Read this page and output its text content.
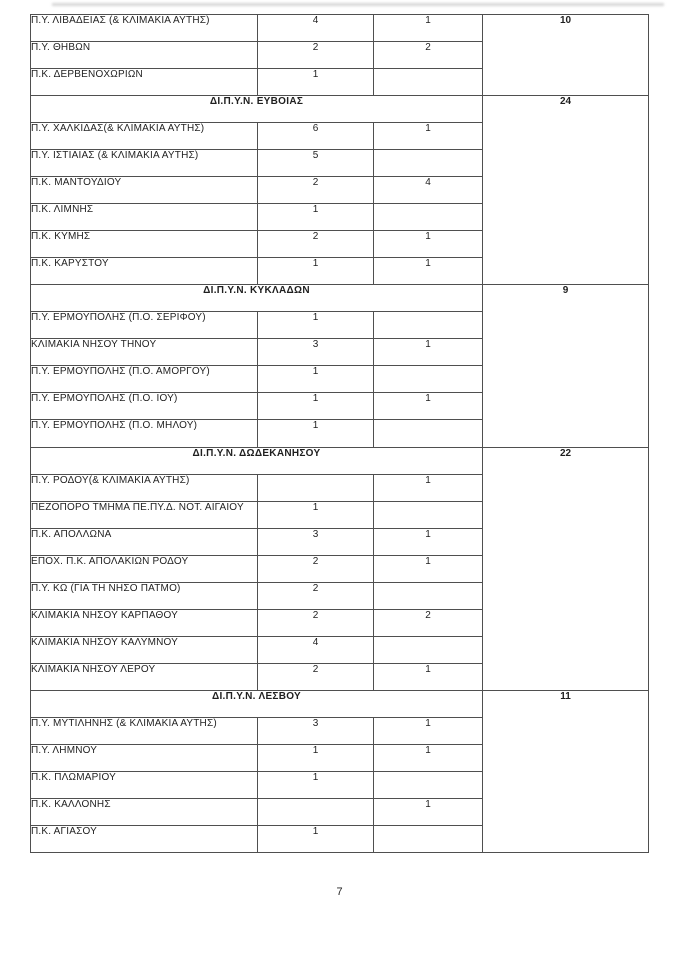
Π.Υ. ΛΙΒΑΔΕΙΑΣ (& ΚΛΙΜΑΚΙΑ ΑΥΤΗΣ)	4	1	10
Π.Υ. ΘΗΒΩΝ	2	2	
Π.Κ. ΔΕΡΒΕΝΟΧΩΡΙΩΝ	1		
ΔΙ.Π.Υ.Ν. ΕΥΒΟΙΑΣ			24
Π.Υ. ΧΑΛΚΙΔΑΣ(& ΚΛΙΜΑΚΙΑ ΑΥΤΗΣ)	6	1	
Π.Υ. ΙΣΤΙΑΙΑΣ (& ΚΛΙΜΑΚΙΑ ΑΥΤΗΣ)	5		
Π.Κ. ΜΑΝΤΟΥΔΙΟΥ	2	4	
Π.Κ. ΛΙΜΝΗΣ	1		
Π.Κ. ΚΥΜΗΣ	2	1	
Π.Κ. ΚΑΡΥΣΤΟΥ	1	1	
ΔΙ.Π.Υ.Ν. ΚΥΚΛΑΔΩΝ			9
Π.Υ. ΕΡΜΟΥΠΟΛΗΣ (Π.Ο. ΣΕΡΙΦΟΥ)	1		
ΚΛΙΜΑΚΙΑ ΝΗΣΟΥ ΤΗΝΟΥ	3	1	
Π.Υ. ΕΡΜΟΥΠΟΛΗΣ (Π.Ο. ΑΜΟΡΓΟΥ)	1		
Π.Υ. ΕΡΜΟΥΠΟΛΗΣ (Π.Ο. ΙΟΥ)	1	1	
Π.Υ. ΕΡΜΟΥΠΟΛΗΣ (Π.Ο. ΜΗΛΟΥ)	1		
ΔΙ.Π.Υ.Ν. ΔΩΔΕΚΑΝΗΣΟΥ			22
Π.Υ. ΡΟΔΟΥ(& ΚΛΙΜΑΚΙΑ ΑΥΤΗΣ)		1	
ΠΕΖΟΠΟΡΟ ΤΜΗΜΑ ΠΕ.ΠΥ.Δ. ΝΟΤ. ΑΙΓΑΙΟΥ	1		
Π.Κ. ΑΠΟΛΛΩΝΑ	3	1	
ΕΠΟΧ. Π.Κ. ΑΠΟΛΑΚΙΩΝ ΡΟΔΟΥ	2	1	
Π.Υ. ΚΩ (ΓΙΑ ΤΗ ΝΗΣΟ ΠΑΤΜΟ)	2		
ΚΛΙΜΑΚΙΑ ΝΗΣΟΥ ΚΑΡΠΑΘΟΥ	2	2	
ΚΛΙΜΑΚΙΑ ΝΗΣΟΥ ΚΑΛΥΜΝΟΥ	4		
ΚΛΙΜΑΚΙΑ ΝΗΣΟΥ ΛΕΡΟΥ	2	1	
ΔΙ.Π.Υ.Ν. ΛΕΣΒΟΥ			11
Π.Υ. ΜΥΤΙΛΗΝΗΣ (& ΚΛΙΜΑΚΙΑ ΑΥΤΗΣ)	3	1	
Π.Υ. ΛΗΜΝΟΥ	1	1	
Π.Κ. ΠΛΩΜΑΡΙΟΥ	1		
Π.Κ. ΚΑΛΛΟΝΗΣ		1	
Π.Κ. ΑΓΙΑΣΟΥ	1		
7
